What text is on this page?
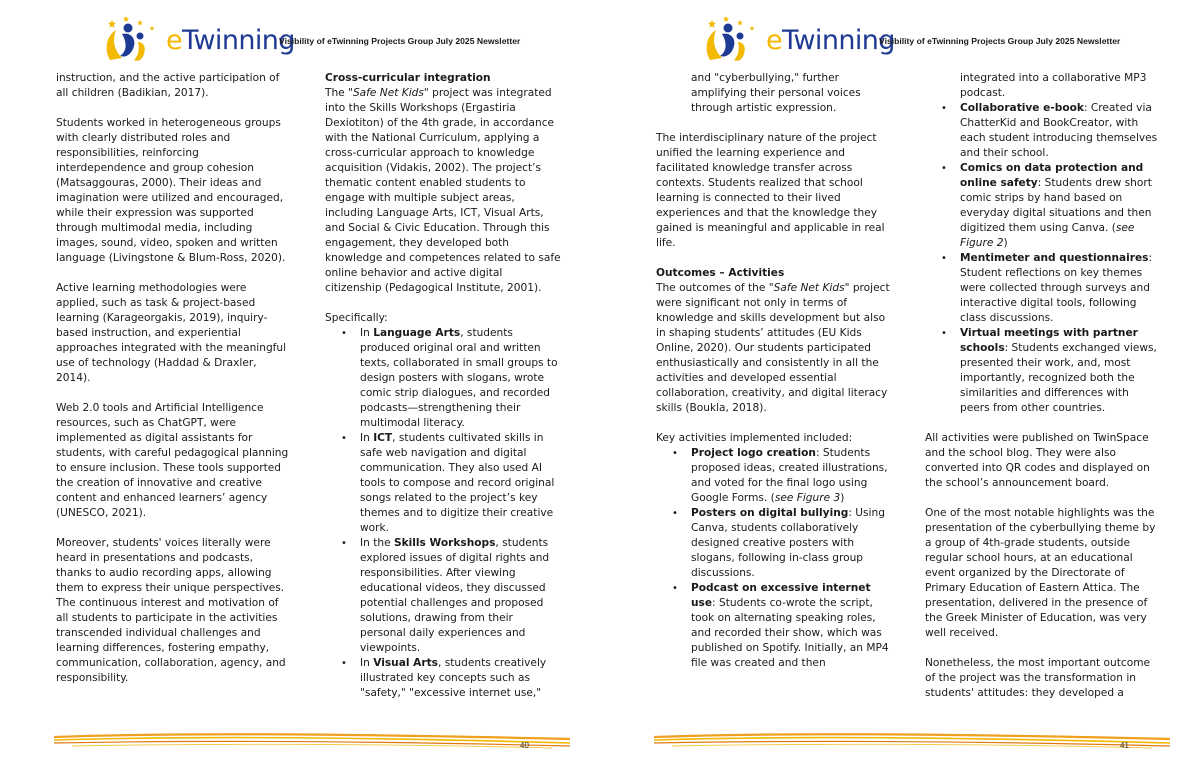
eTwinning
Visibility of eTwinning Projects Group July 2025 Newsletter

instruction, and the active participation of all children (Badikian, 2017).

Students worked in heterogeneous groups with clearly distributed roles and responsibilities, reinforcing interdependence and group cohesion (Matsaggouras, 2000). Their ideas and imagination were utilized and encouraged, while their expression was supported through multimodal media, including images, sound, video, spoken and written language (Livingstone & Blum-Ross, 2020).

Active learning methodologies were applied, such as task & project-based learning (Karageorgakis, 2019), inquiry-based instruction, and experiential approaches integrated with the meaningful use of technology (Haddad & Draxler, 2014).

Web 2.0 tools and Artificial Intelligence resources, such as ChatGPT, were implemented as digital assistants for students, with careful pedagogical planning to ensure inclusion. These tools supported the creation of innovative and creative content and enhanced learners’ agency (UNESCO, 2021).

Moreover, students' voices literally were heard in presentations and podcasts, thanks to audio recording apps, allowing them to express their unique perspectives. The continuous interest and motivation of all students to participate in the activities transcended individual challenges and learning differences, fostering empathy, communication, collaboration, agency, and responsibility.

Cross-curricular integration

The "Safe Net Kids" project was integrated into the Skills Workshops (Ergastiria Dexiotiton) of the 4th grade, in accordance with the National Curriculum, applying a cross-curricular approach to knowledge acquisition (Vidakis, 2002). The project’s thematic content enabled students to engage with multiple subject areas, including Language Arts, ICT, Visual Arts, and Social & Civic Education. Through this engagement, they developed both knowledge and competences related to safe online behavior and active digital citizenship (Pedagogical Institute, 2001).

Specifically:

• In Language Arts, students produced original oral and written texts, collaborated in small groups to design posters with slogans, wrote comic strip dialogues, and recorded podcasts—strengthening their multimodal literacy.
• In ICT, students cultivated skills in safe web navigation and digital communication. They also used AI tools to compose and record original songs related to the project’s key themes and to digitize their creative work.
• In the Skills Workshops, students explored issues of digital rights and responsibilities. After viewing educational videos, they discussed potential challenges and proposed solutions, drawing from their personal daily experiences and viewpoints.
• In Visual Arts, students creatively illustrated key concepts such as "safety," "excessive internet use,"
40
eTwinning
Visibility of eTwinning Projects Group July 2025 Newsletter

and "cyberbullying," further amplifying their personal voices through artistic expression.

The interdisciplinary nature of the project unified the learning experience and facilitated knowledge transfer across contexts. Students realized that school learning is connected to their lived experiences and that the knowledge they gained is meaningful and applicable in real life.

Outcomes – Activities

The outcomes of the "Safe Net Kids" project were significant not only in terms of knowledge and skills development but also in shaping students’ attitudes (EU Kids Online, 2020). Our students participated enthusiastically and consistently in all the activities and developed essential collaboration, creativity, and digital literacy skills (Boukla, 2018).

Key activities implemented included:

• Project logo creation: Students proposed ideas, created illustrations, and voted for the final logo using Google Forms. (see Figure 3)
• Posters on digital bullying: Using Canva, students collaboratively designed creative posters with slogans, following in-class group discussions.
• Podcast on excessive internet use: Students co-wrote the script, took on alternating speaking roles, and recorded their show, which was published on Spotify. Initially, an MP4 file was created and then

integrated into a collaborative MP3 podcast.

• Collaborative e-book: Created via ChatterKid and BookCreator, with each student introducing themselves and their school.
• Comics on data protection and online safety: Students drew short comic strips by hand based on everyday digital situations and then digitized them using Canva. (see Figure 2)
• Mentimeter and questionnaires: Student reflections on key themes were collected through surveys and interactive digital tools, following class discussions.
• Virtual meetings with partner schools: Students exchanged views, presented their work, and, most importantly, recognized both the similarities and differences with peers from other countries.

All activities were published on TwinSpace and the school blog. They were also converted into QR codes and displayed on the school’s announcement board.

One of the most notable highlights was the presentation of the cyberbullying theme by a group of 4th-grade students, outside regular school hours, at an educational event organized by the Directorate of Primary Education of Eastern Attica. The presentation, delivered in the presence of the Greek Minister of Education, was very well received.

Nonetheless, the most important outcome of the project was the transformation in students' attitudes: they developed a

41
